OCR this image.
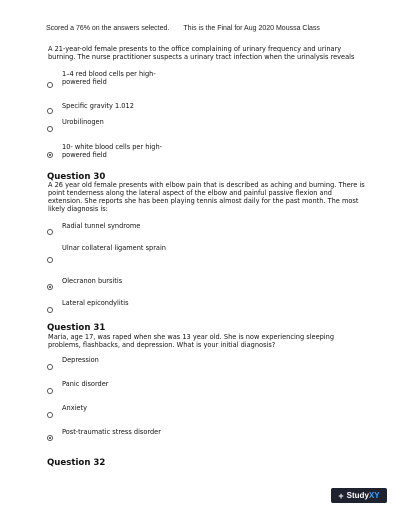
Scored a 76% on the answers selected. This is the Final for Aug 2020 Moussa Class
A 21-year-old female presents to the office complaining of urinary frequency and urinary burning. The nurse practitioner suspects a urinary tract infection when the urinalysis reveals
1–4 red blood cells per high-powered field
Specific gravity 1.012
Urobilinogen
10- white blood cells per high-powered field
Question 30
A 26 year old female presents with elbow pain that is described as aching and burning. There is point tenderness along the lateral aspect of the elbow and painful passive flexion and extension. She reports she has been playing tennis almost daily for the past month. The most likely diagnosis is:
Radial tunnel syndrome
Ulnar collateral ligament sprain
Olecranon bursitis
Lateral epicondylitis
Question 31
Maria, age 17, was raped when she was 13 year old. She is now experiencing sleeping problems, flashbacks, and depression. What is your initial diagnosis?
Depression
Panic disorder
Anxiety
Post-traumatic stress disorder
Question 32
+ Study XY
